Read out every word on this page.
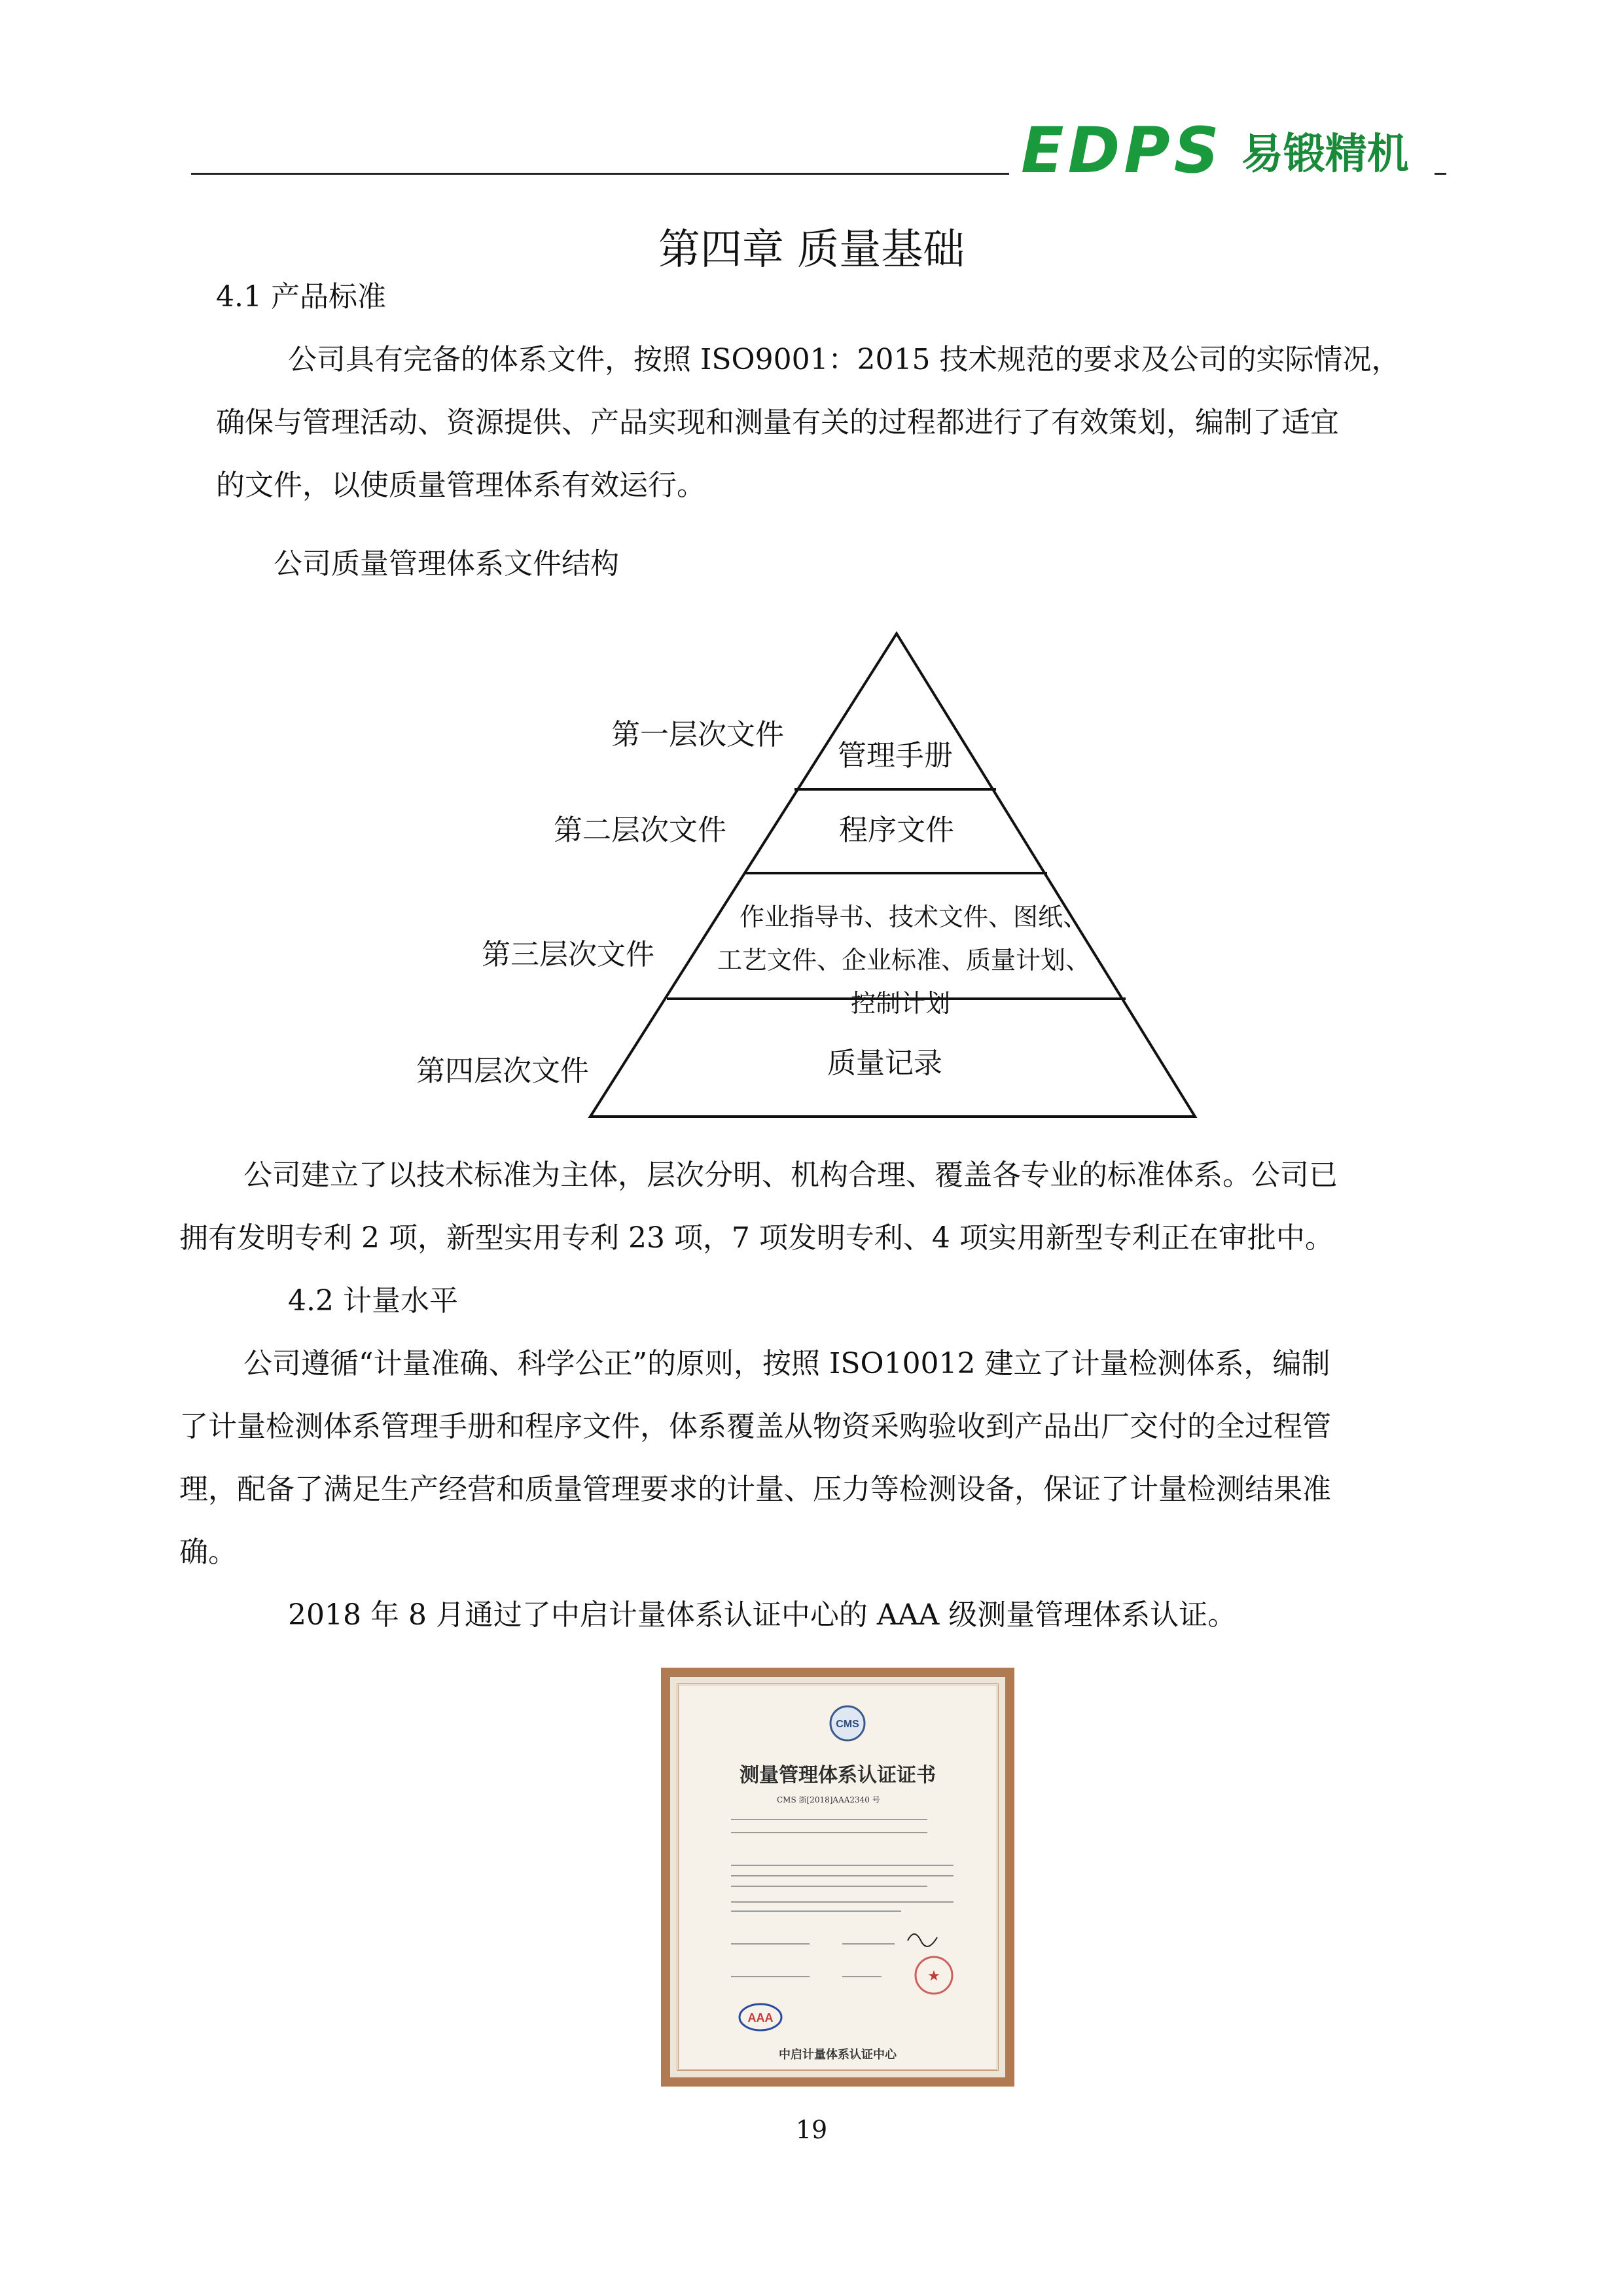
EDPS 易锻精机
第四章 质量基础
4.1 产品标准
公司具有完备的体系文件，按照 ISO9001：2015 技术规范的要求及公司的实际情况，
确保与管理活动、资源提供、产品实现和测量有关的过程都进行了有效策划，编制了适宜
的文件，以使质量管理体系有效运行。
公司质量管理体系文件结构
第一层次文件
第二层次文件
第三层次文件
第四层次文件
管理手册
程序文件
作业指导书、技术文件、图纸、
工艺文件、企业标准、质量计划、
控制计划
质量记录
公司建立了以技术标准为主体，层次分明、机构合理、覆盖各专业的标准体系。公司已
拥有发明专利 2 项，新型实用专利 23 项，7 项发明专利、4 项实用新型专利正在审批中。
4.2 计量水平
公司遵循“计量准确、科学公正”的原则，按照 ISO10012 建立了计量检测体系，编制
了计量检测体系管理手册和程序文件，体系覆盖从物资采购验收到产品出厂交付的全过程管
理，配备了满足生产经营和质量管理要求的计量、压力等检测设备，保证了计量检测结果准
确。
2018 年 8 月通过了中启计量体系认证中心的 AAA 级测量管理体系认证。
CMS
测量管理体系认证证书
CMS 浙[2018]AAA2340 号
★
AAA
中启计量体系认证中心
19
